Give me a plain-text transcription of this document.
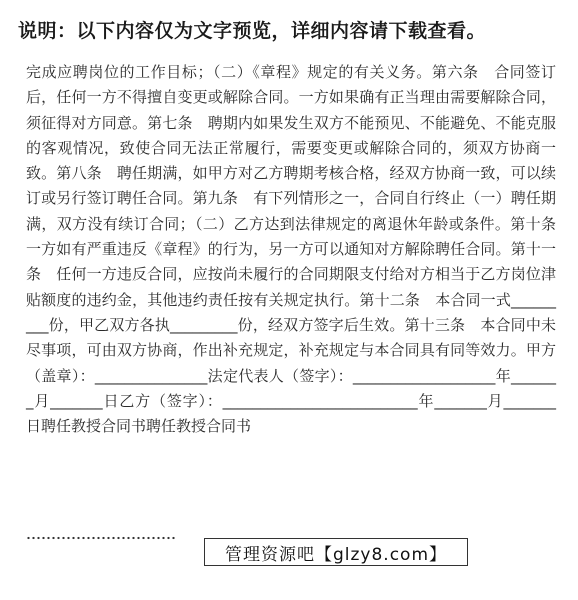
说明：以下内容仅为文字预览，详细内容请下载查看。
完成应聘岗位的工作目标；（二）《章程》规定的有关义务。第六条　合同签订后，任何一方不得擅自变更或解除合同。一方如果确有正当理由需要解除合同，须征得对方同意。第七条　聘期内如果发生双方不能预见、不能避免、不能克服的客观情况，致使合同无法正常履行，需要变更或解除合同的，须双方协商一致。第八条　聘任期满，如甲方对乙方聘期考核合格，经双方协商一致，可以续订或另行签订聘任合同。第九条　有下列情形之一，合同自行终止（一）聘任期满，双方没有续订合同；（二）乙方达到法律规定的离退休年龄或条件。第十条　一方如有严重违反《章程》的行为，另一方可以通知对方解除聘任合同。第十一条　任何一方违反合同，应按尚未履行的合同期限支付给对方相当于乙方岗位津贴额度的违约金，其他违约责任按有关规定执行。第十二条　本合同一式_________份，甲乙双方各执_________份，经双方签字后生效。第十三条　本合同中未尽事项，可由双方协商，作出补充规定，补充规定与本合同具有同等效力。甲方（盖章）：_______________法定代表人（签字）：___________________年_______月_______日乙方（签字）：__________________________年_______月_______日聘任教授合同书聘任教授合同书
管理资源吧【glzy8.com】
